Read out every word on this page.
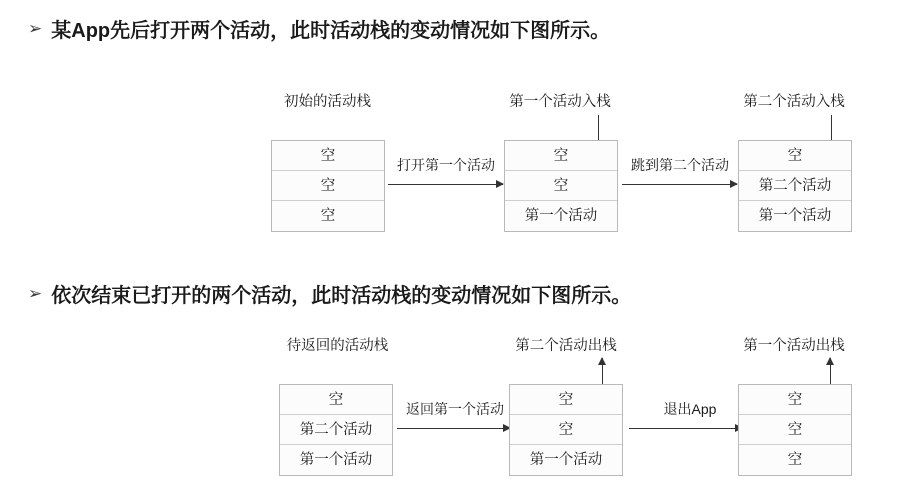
➢ 某App先后打开两个活动，此时活动栈的变动情况如下图所示。
初始的活动栈
空
空
空
打开第一个活动
第一个活动入栈
空
空
第一个活动
跳到第二个活动
第二个活动入栈
空
第二个活动
第一个活动
➢ 依次结束已打开的两个活动，此时活动栈的变动情况如下图所示。
待返回的活动栈
空
第二个活动
第一个活动
返回第一个活动
第二个活动出栈
空
空
第一个活动
退出App
第一个活动出栈
空
空
空
